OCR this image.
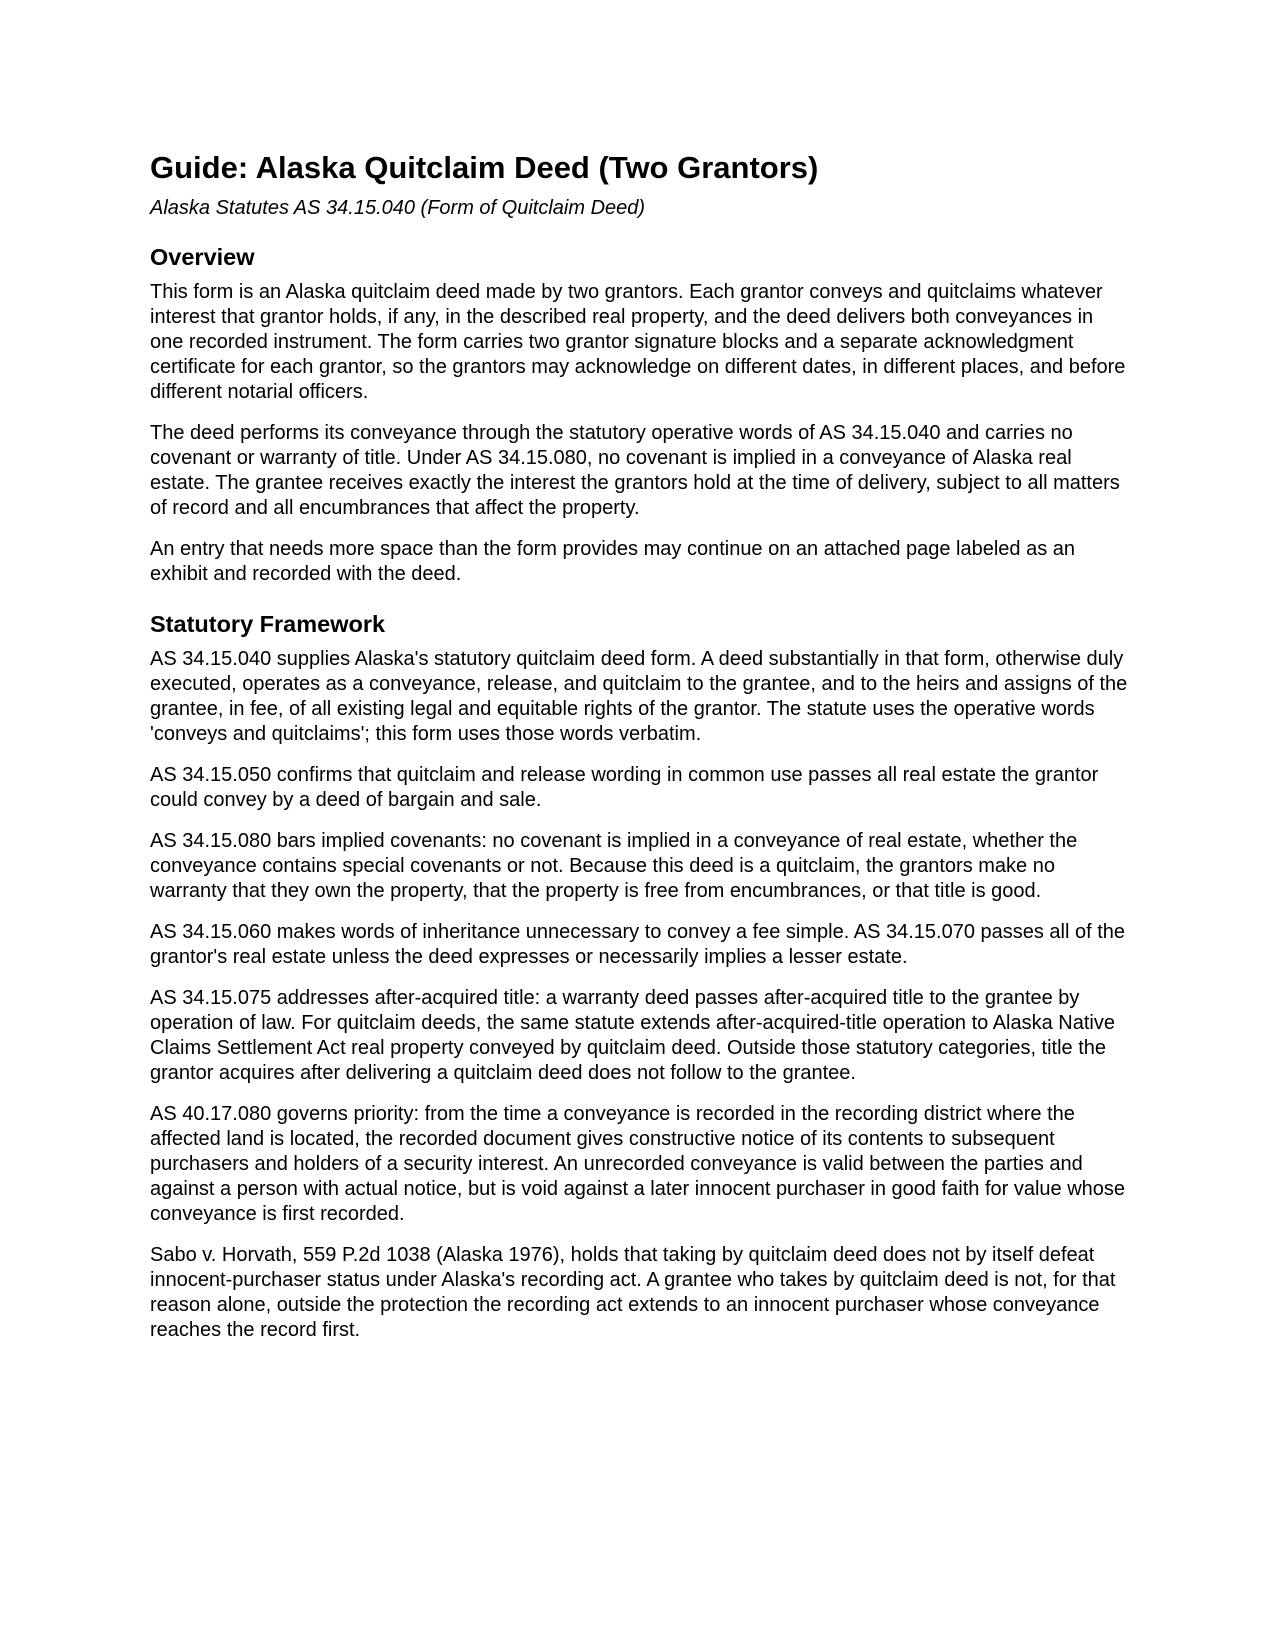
Guide: Alaska Quitclaim Deed (Two Grantors)

Alaska Statutes AS 34.15.040 (Form of Quitclaim Deed)

Overview

This form is an Alaska quitclaim deed made by two grantors. Each grantor conveys and quitclaims whatever interest that grantor holds, if any, in the described real property, and the deed delivers both conveyances in one recorded instrument. The form carries two grantor signature blocks and a separate acknowledgment certificate for each grantor, so the grantors may acknowledge on different dates, in different places, and before different notarial officers.

The deed performs its conveyance through the statutory operative words of AS 34.15.040 and carries no covenant or warranty of title. Under AS 34.15.080, no covenant is implied in a conveyance of Alaska real estate. The grantee receives exactly the interest the grantors hold at the time of delivery, subject to all matters of record and all encumbrances that affect the property.

An entry that needs more space than the form provides may continue on an attached page labeled as an exhibit and recorded with the deed.

Statutory Framework

AS 34.15.040 supplies Alaska's statutory quitclaim deed form. A deed substantially in that form, otherwise duly executed, operates as a conveyance, release, and quitclaim to the grantee, and to the heirs and assigns of the grantee, in fee, of all existing legal and equitable rights of the grantor. The statute uses the operative words 'conveys and quitclaims'; this form uses those words verbatim.

AS 34.15.050 confirms that quitclaim and release wording in common use passes all real estate the grantor could convey by a deed of bargain and sale.

AS 34.15.080 bars implied covenants: no covenant is implied in a conveyance of real estate, whether the conveyance contains special covenants or not. Because this deed is a quitclaim, the grantors make no warranty that they own the property, that the property is free from encumbrances, or that title is good.

AS 34.15.060 makes words of inheritance unnecessary to convey a fee simple. AS 34.15.070 passes all of the grantor's real estate unless the deed expresses or necessarily implies a lesser estate.

AS 34.15.075 addresses after-acquired title: a warranty deed passes after-acquired title to the grantee by operation of law. For quitclaim deeds, the same statute extends after-acquired-title operation to Alaska Native Claims Settlement Act real property conveyed by quitclaim deed. Outside those statutory categories, title the grantor acquires after delivering a quitclaim deed does not follow to the grantee.

AS 40.17.080 governs priority: from the time a conveyance is recorded in the recording district where the affected land is located, the recorded document gives constructive notice of its contents to subsequent purchasers and holders of a security interest. An unrecorded conveyance is valid between the parties and against a person with actual notice, but is void against a later innocent purchaser in good faith for value whose conveyance is first recorded.

Sabo v. Horvath, 559 P.2d 1038 (Alaska 1976), holds that taking by quitclaim deed does not by itself defeat innocent-purchaser status under Alaska's recording act. A grantee who takes by quitclaim deed is not, for that reason alone, outside the protection the recording act extends to an innocent purchaser whose conveyance reaches the record first.
